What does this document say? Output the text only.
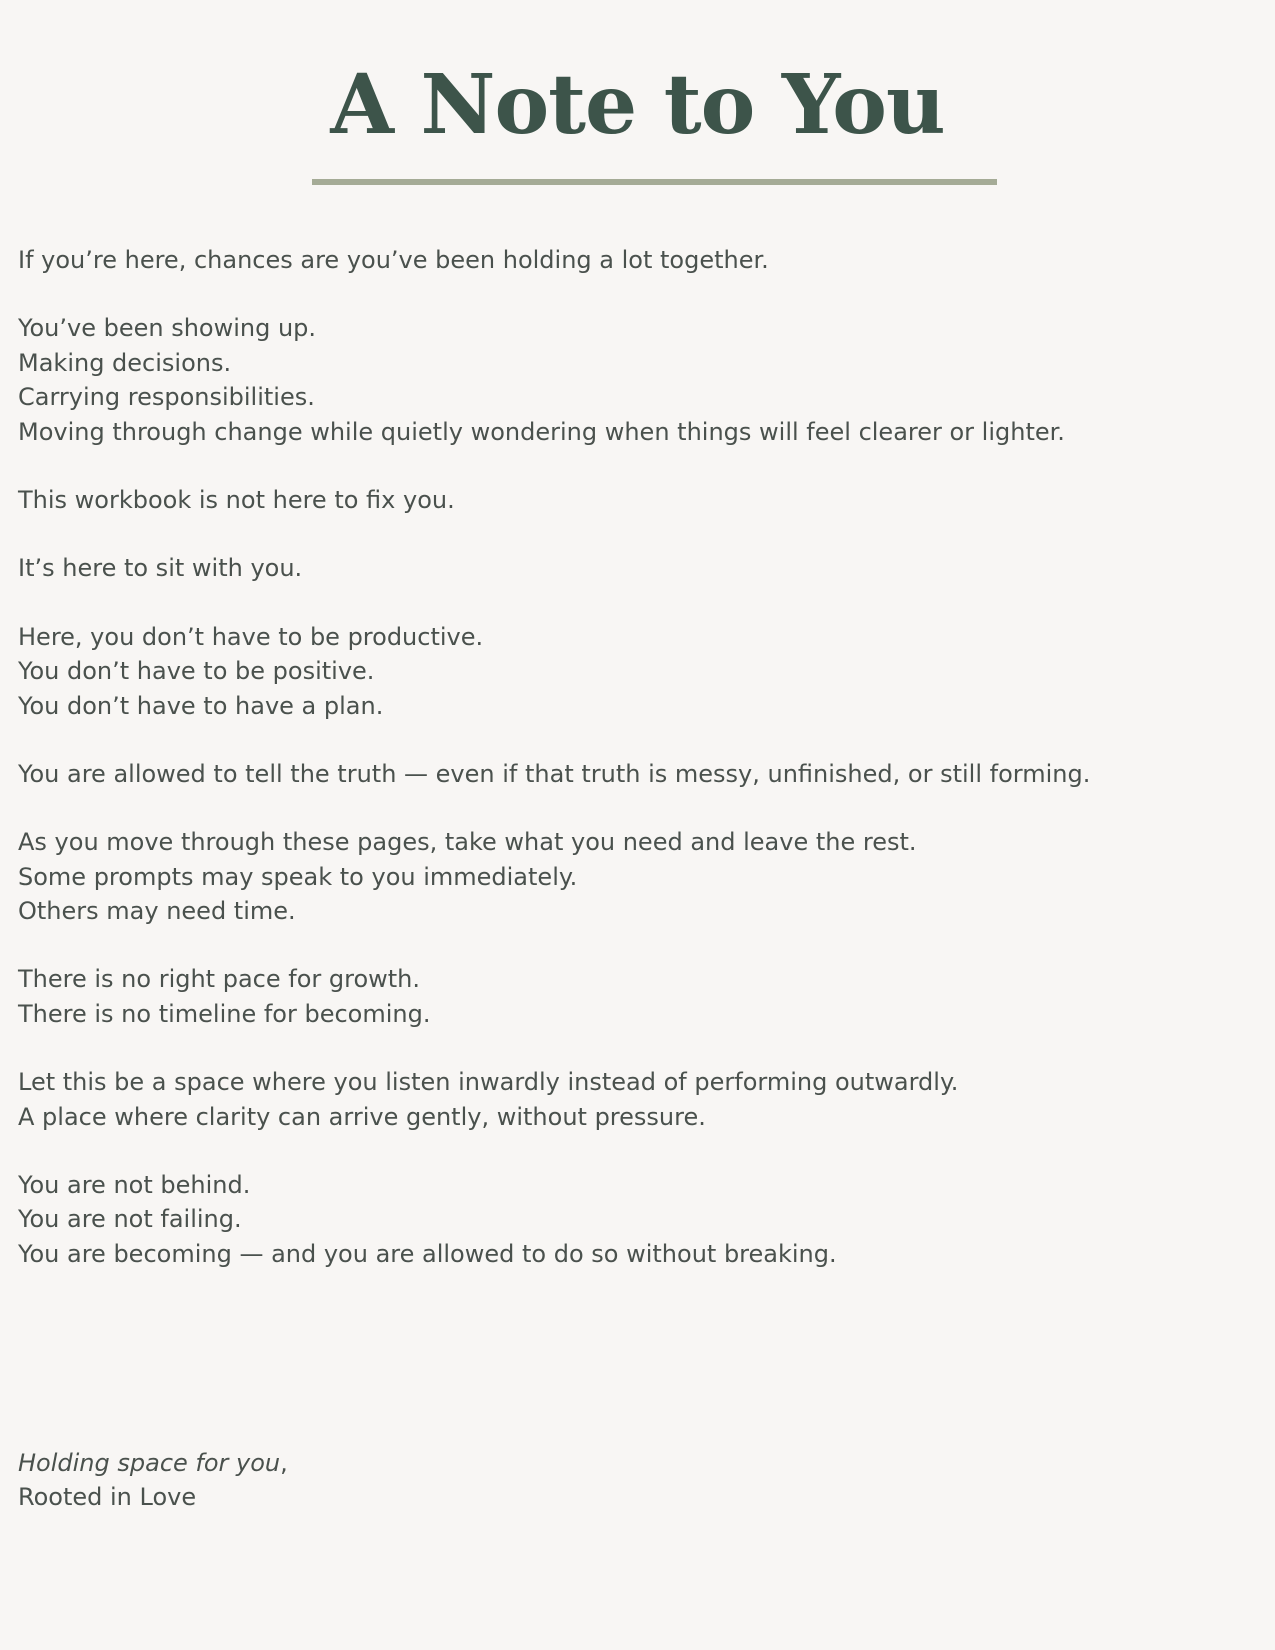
A Note to You
If you’re here, chances are you’ve been holding a lot together.
You’ve been showing up.
Making decisions.
Carrying responsibilities.
Moving through change while quietly wondering when things will feel clearer or lighter.
This workbook is not here to fix you.
It’s here to sit with you.
Here, you don’t have to be productive.
You don’t have to be positive.
You don’t have to have a plan.
You are allowed to tell the truth — even if that truth is messy, unfinished, or still forming.
As you move through these pages, take what you need and leave the rest.
Some prompts may speak to you immediately.
Others may need time.
There is no right pace for growth.
There is no timeline for becoming.
Let this be a space where you listen inwardly instead of performing outwardly.
A place where clarity can arrive gently, without pressure.
You are not behind.
You are not failing.
You are becoming — and you are allowed to do so without breaking.
Holding space for you,
Rooted in Love
